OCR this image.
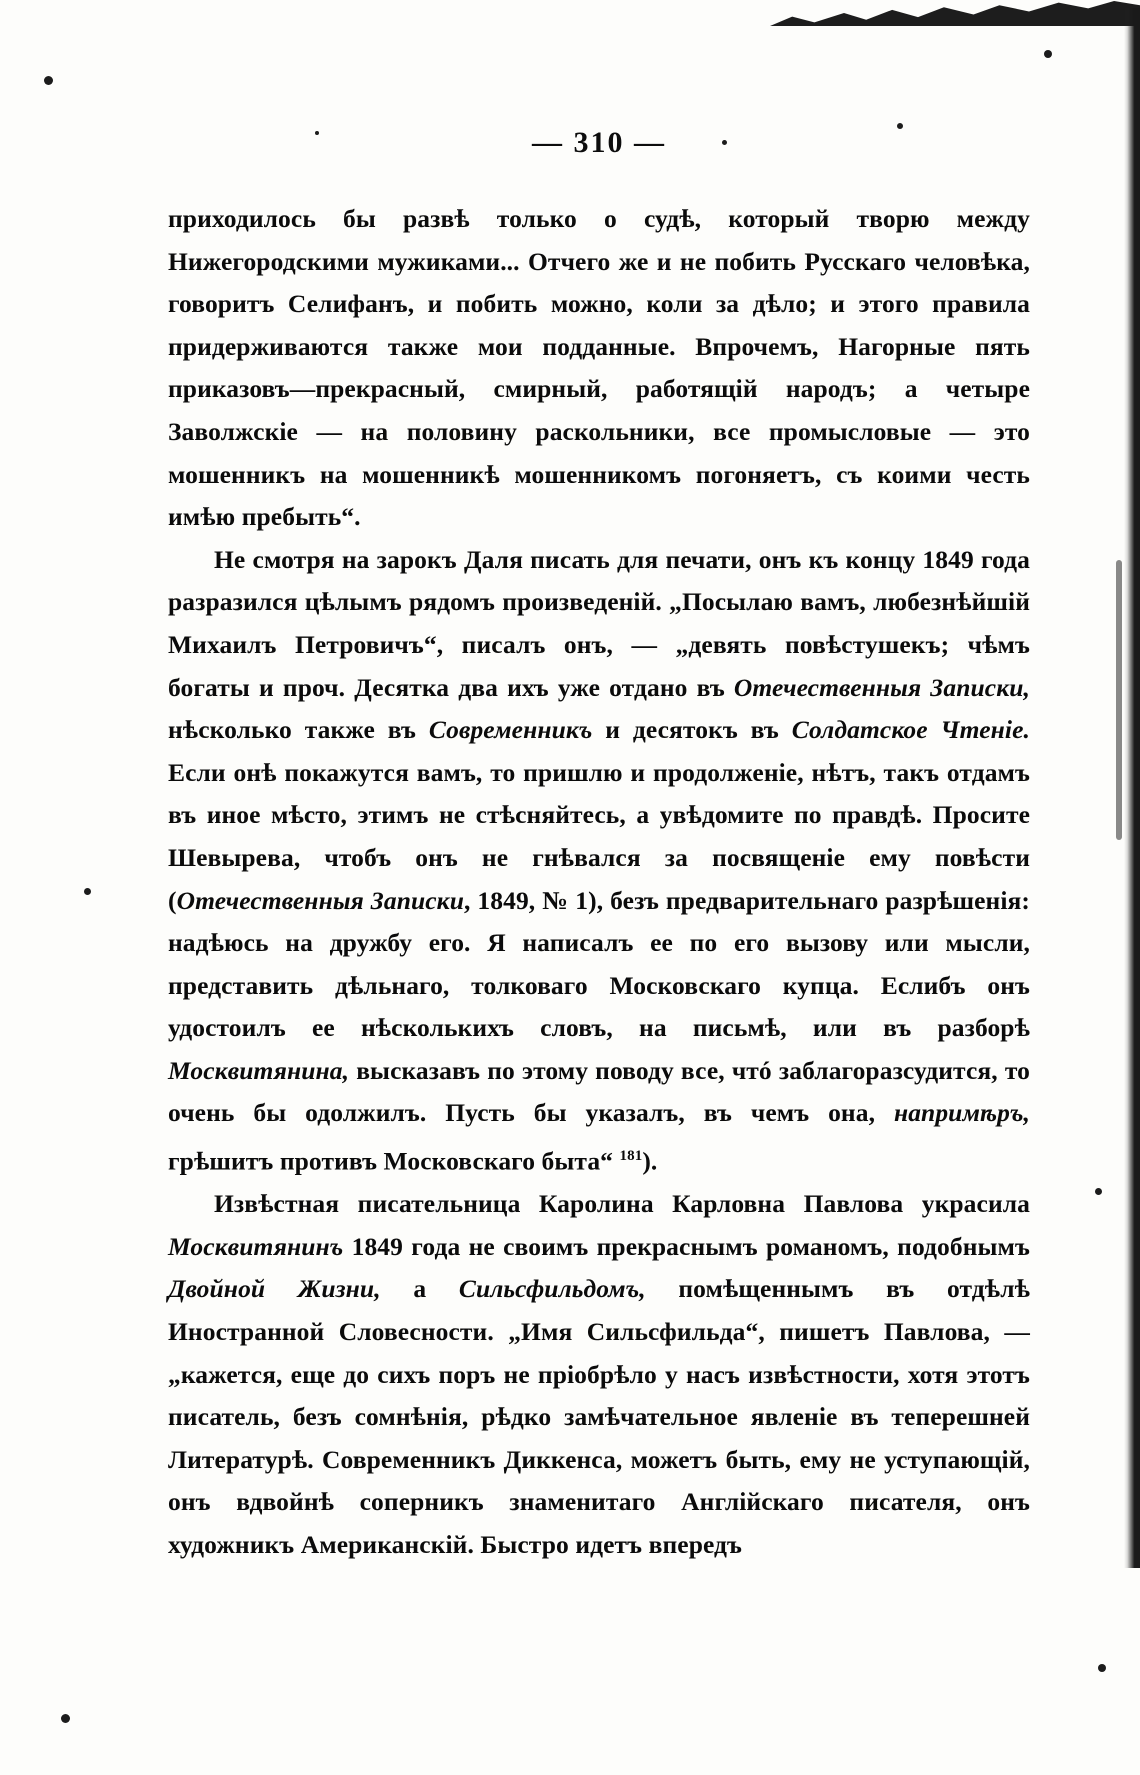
— 310 —

приходилось бы развѣ только о судѣ, который творю между Нижегородскими мужиками... Отчего же и не побить Русскаго человѣка, говоритъ Селифанъ, и побить можно, коли за дѣло; и этого правила придерживаются также мои подданные. Впрочемъ, Нагорные пять приказовъ—прекрасный, смирный, работящій народъ; а четыре Заволжскіе — на половину раскольники, все промысловые — это мошенникъ на мошенникѣ мошенникомъ погоняетъ, съ коими честь имѣю пребыть“.

Не смотря на зарокъ Даля писать для печати, онъ къ концу 1849 года разразился цѣлымъ рядомъ произведеній. „Посылаю вамъ, любезнѣйшій Михаилъ Петровичъ“, писалъ онъ, — „девять повѣстушекъ; чѣмъ богаты и проч. Десятка два ихъ уже отдано въ Отечественныя Записки, нѣсколько также въ Современникъ и десятокъ въ Солдатское Чтеніе. Если онѣ покажутся вамъ, то пришлю и продолженіе, нѣтъ, такъ отдамъ въ иное мѣсто, этимъ не стѣсняйтесь, а увѣдомите по правдѣ. Просите Шевырева, чтобъ онъ не гнѣвался за посвященіе ему повѣсти (Отечественныя Записки, 1849, № 1), безъ предварительнаго разрѣшенія: надѣюсь на дружбу его. Я написалъ ее по его вызову или мысли, представить дѣльнаго, толковаго Московскаго купца. Еслибъ онъ удостоилъ ее нѣсколькихъ словъ, на письмѣ, или въ разборѣ Москвитянина, высказавъ по этому поводу все, чтó заблагоразсудится, то очень бы одолжилъ. Пусть бы указалъ, въ чемъ она, напримѣръ, грѣшитъ противъ Московскаго быта“ $^{181}$).

Извѣстная писательница Каролина Карловна Павлова украсила Москвитянинъ 1849 года не своимъ прекраснымъ романомъ, подобнымъ Двойной Жизни, а Сильсфильдомъ, помѣщеннымъ въ отдѣлѣ Иностранной Словесности. „Имя Сильсфильда“, пишетъ Павлова, — „кажется, еще до сихъ поръ не пріобрѣло у насъ извѣстности, хотя этотъ писатель, безъ сомнѣнія, рѣдко замѣчательное явленіе въ теперешней Литературѣ. Современникъ Диккенса, можетъ быть, ему не уступающій, онъ вдвойнѣ соперникъ знаменитаго Англійскаго писателя, онъ художникъ Американскій. Быстро идетъ впередъ
